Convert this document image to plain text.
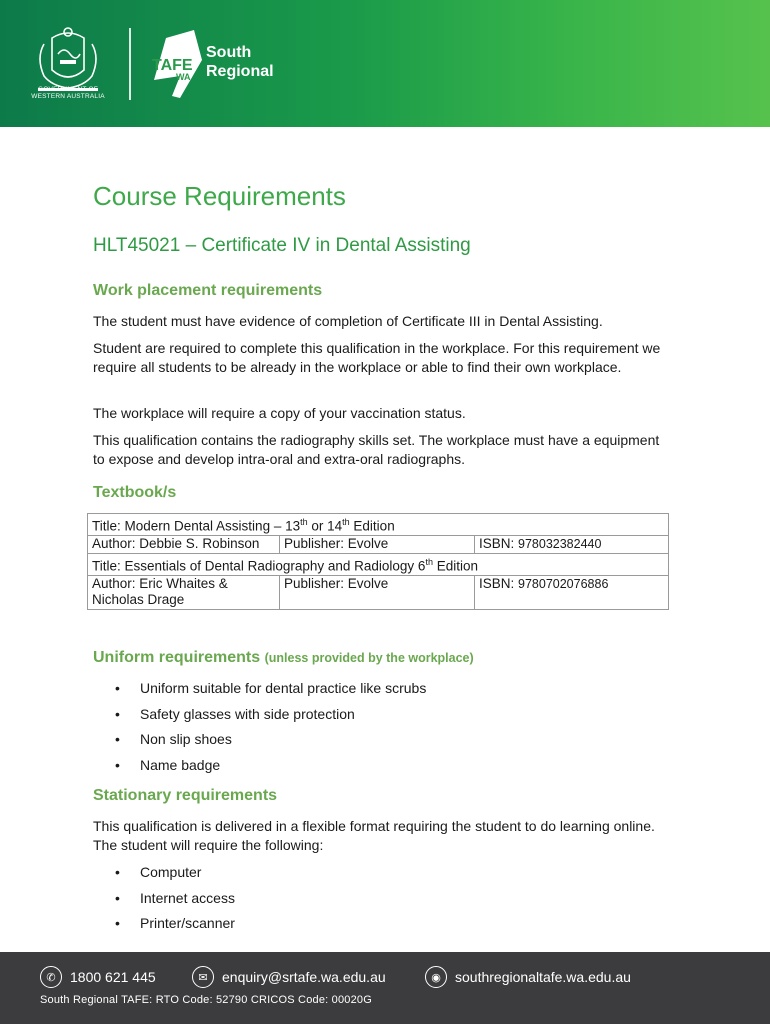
GOVERNMENT OF
WESTERN AUSTRALIA
TAFE
WA
South
Regional
Course Requirements
HLT45021 – Certificate IV in Dental Assisting
Work placement requirements

The student must have evidence of completion of Certificate III in Dental Assisting.

Student are required to complete this qualification in the workplace. For this requirement we require all students to be already in the workplace or able to find their own workplace.

The workplace will require a copy of your vaccination status.

This qualification contains the radiography skills set. The workplace must have a equipment to expose and develop intra-oral and extra-oral radiographs.

Textbook/s
Title: Modern Dental Assisting – 13th or 14th Edition		
Author: Debbie S. Robinson	Publisher: Evolve	ISBN: 978032382440
Title: Essentials of Dental Radiography and Radiology 6th Edition		
Author: Eric Whaites & Nicholas Drage	Publisher: Evolve	ISBN: 9780702076886
Uniform requirements (unless provided by the workplace)
• Uniform suitable for dental practice like scrubs
• Safety glasses with side protection
• Non slip shoes
• Name badge
Stationary requirements

This qualification is delivered in a flexible format requiring the student to do learning online. The student will require the following:

• Computer
• Internet access
• Printer/scanner
✆	1800 621 445	✉	enquiry@srtafe.wa.edu.au	◉	southregionaltafe.wa.edu.au
South Regional TAFE: RTO Code: 52790 CRICOS Code: 00020G
